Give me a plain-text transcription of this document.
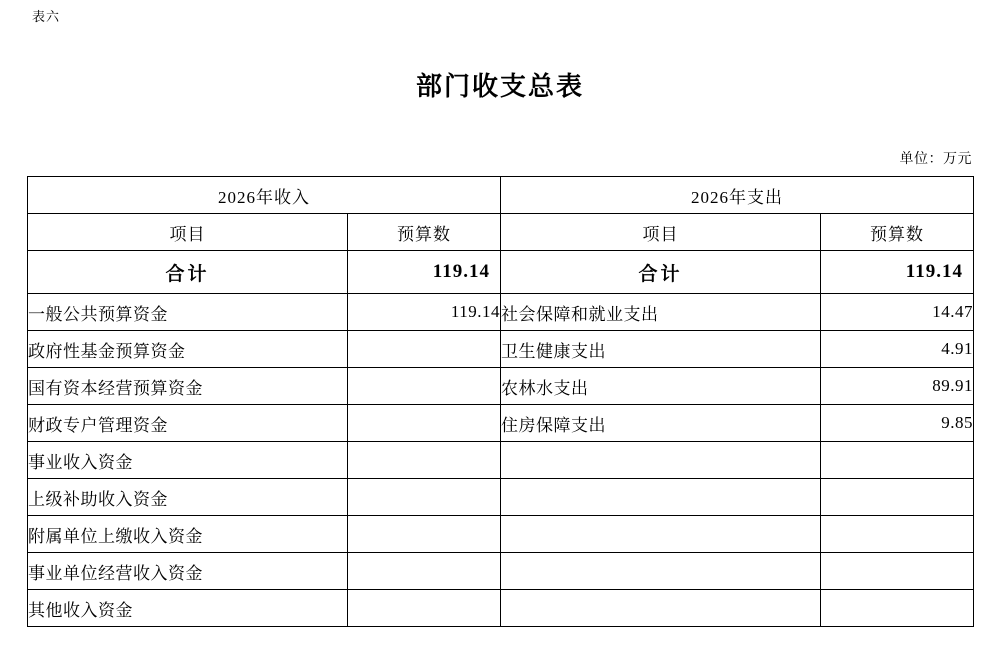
表六
部门收支总表
单位：万元
2026年收入		2026年支出	
项目	预算数	项目	预算数
合计	119.14	合计	119.14
一般公共预算资金	119.14	社会保障和就业支出	14.47
政府性基金预算资金		卫生健康支出	4.91
国有资本经营预算资金		农林水支出	89.91
财政专户管理资金		住房保障支出	9.85
事业收入资金			
上级补助收入资金			
附属单位上缴收入资金			
事业单位经营收入资金			
其他收入资金			
